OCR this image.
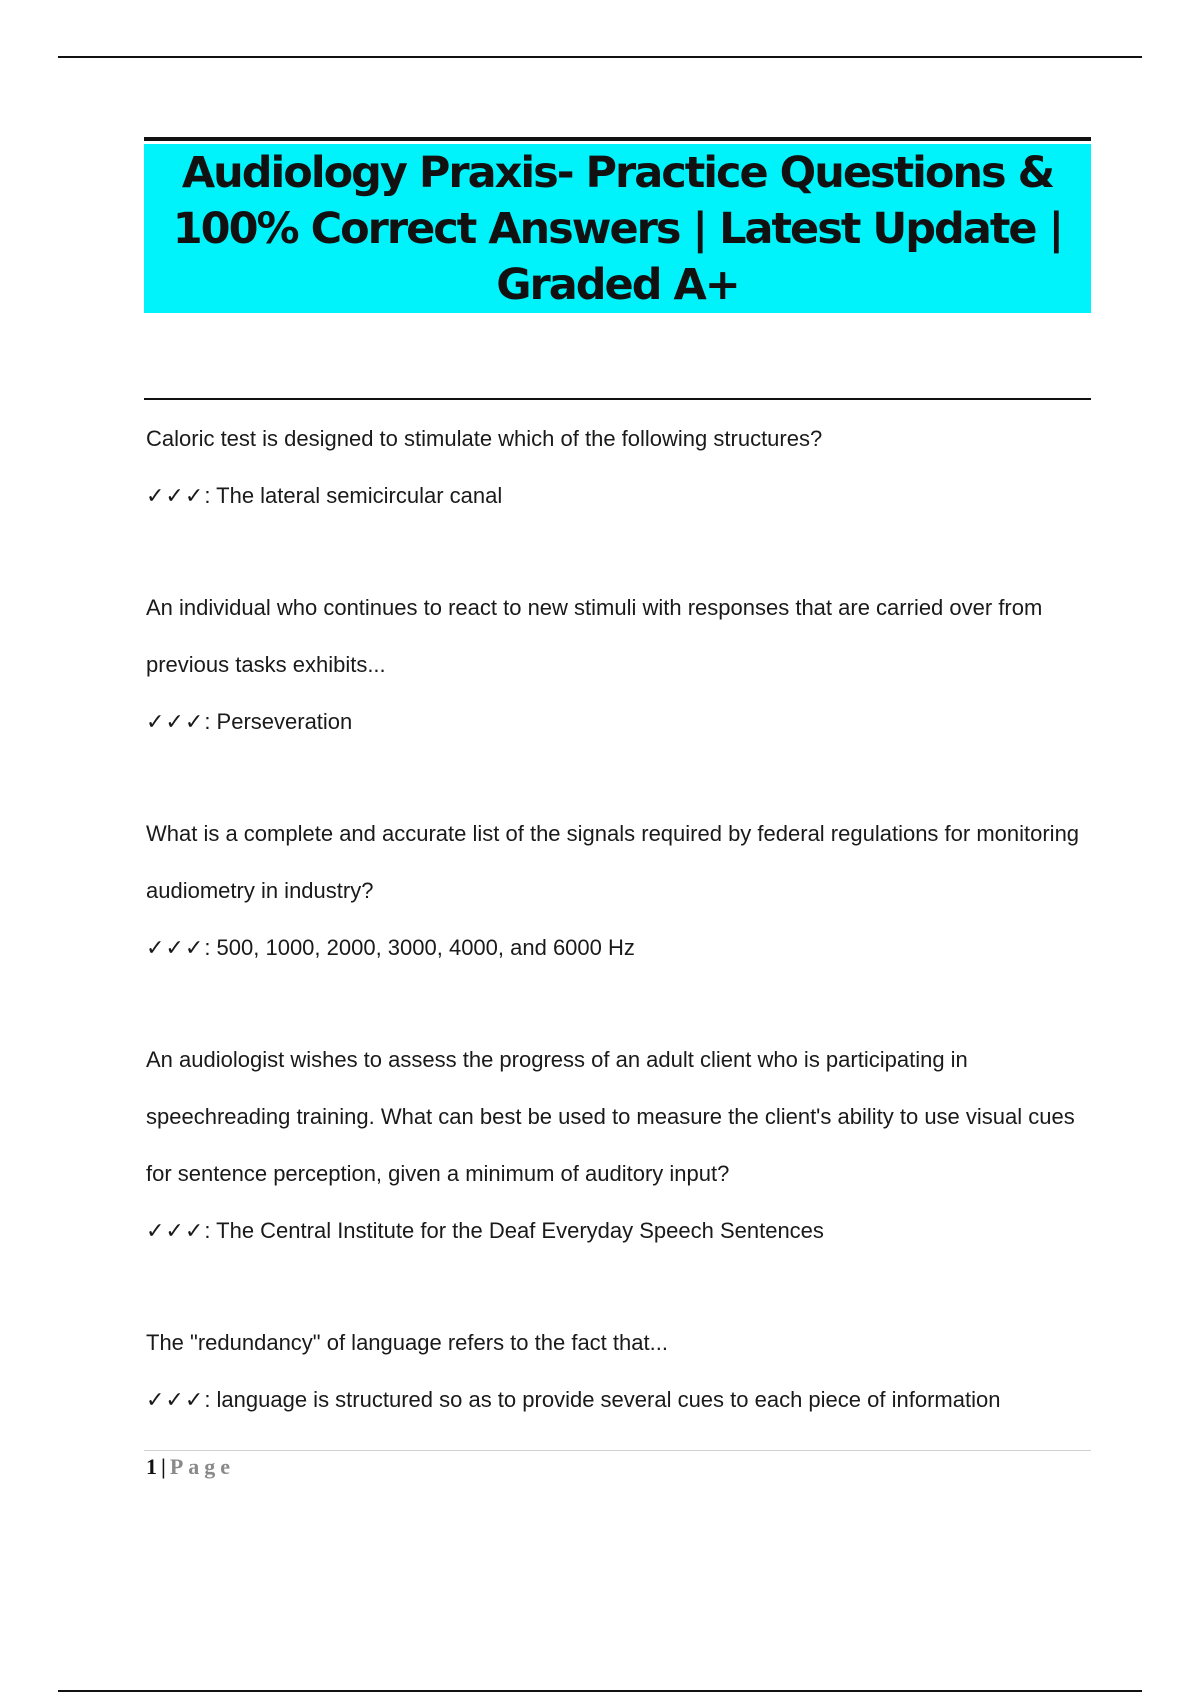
Audiology Praxis- Practice Questions & 100% Correct Answers | Latest Update | Graded A+

Caloric test is designed to stimulate which of the following structures?

✓✓✓: The lateral semicircular canal

An individual who continues to react to new stimuli with responses that are carried over from previous tasks exhibits...

✓✓✓: Perseveration

What is a complete and accurate list of the signals required by federal regulations for monitoring audiometry in industry?

✓✓✓: 500, 1000, 2000, 3000, 4000, and 6000 Hz

An audiologist wishes to assess the progress of an adult client who is participating in speechreading training. What can best be used to measure the client's ability to use visual cues for sentence perception, given a minimum of auditory input?

✓✓✓: The Central Institute for the Deaf Everyday Speech Sentences

The "redundancy" of language refers to the fact that...

✓✓✓: language is structured so as to provide several cues to each piece of information

1 | Page
